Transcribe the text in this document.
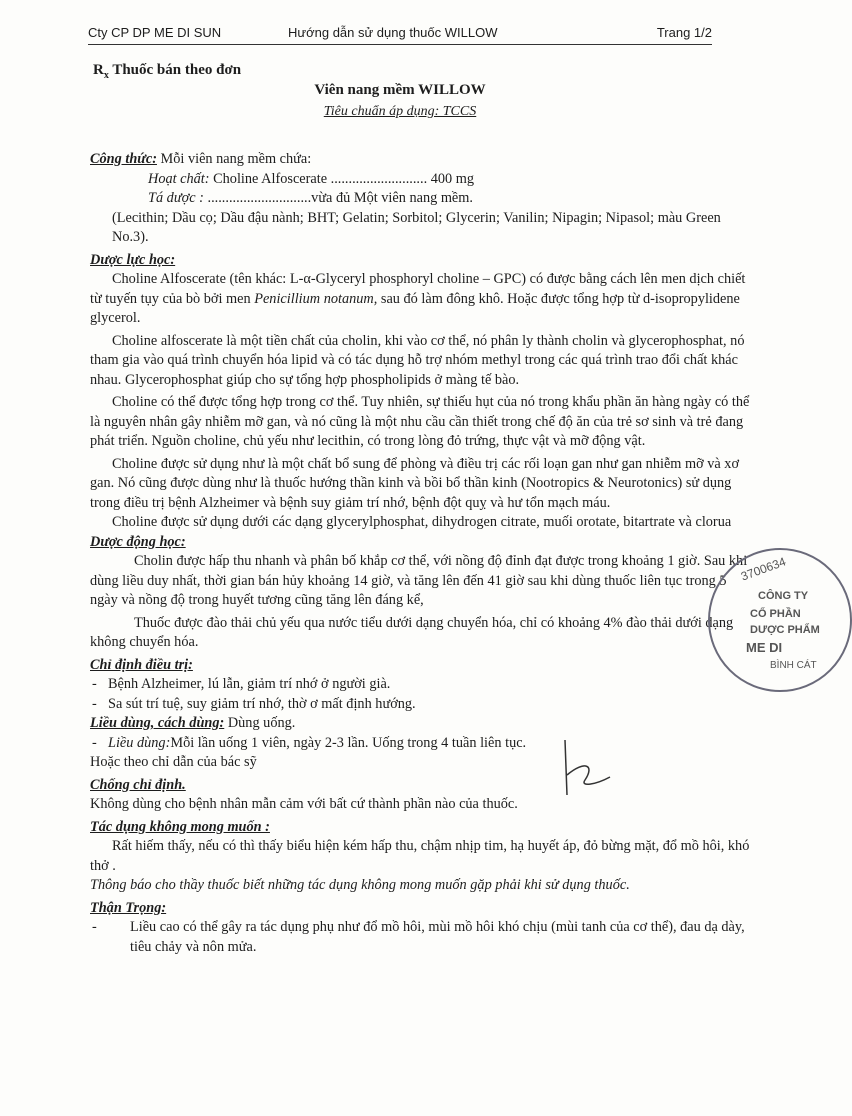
Cty CP DP ME DI SUN	Hướng dẫn sử dụng thuốc WILLOW	Trang 1/2
$R_x$ Thuốc bán theo đơn
Viên nang mềm WILLOW
Tiêu chuẩn áp dụng: TCCS

Công thức: Mỗi viên nang mềm chứa:

Hoạt chất: Choline Alfoscerate ........................... 400 mg

Tá dược : .............................vừa đủ Một viên nang mềm.

(Lecithin; Dầu cọ; Dầu đậu nành; BHT; Gelatin; Sorbitol; Glycerin; Vanilin; Nipagin; Nipasol; màu Green No.3).

Dược lực học:

Choline Alfoscerate (tên khác: L-α-Glyceryl phosphoryl choline – GPC) có được bằng cách lên men dịch chiết từ tuyến tụy của bò bởi men Penicillium notanum, sau đó làm đông khô. Hoặc được tổng hợp từ d-isopropylidene glycerol.

Choline alfoscerate là một tiền chất của cholin, khi vào cơ thể, nó phân ly thành cholin và glycerophosphat, nó tham gia vào quá trình chuyển hóa lipid và có tác dụng hỗ trợ nhóm methyl trong các quá trình trao đổi chất khác nhau. Glycerophosphat giúp cho sự tổng hợp phospholipids ở màng tế bào.

Choline có thể được tổng hợp trong cơ thể. Tuy nhiên, sự thiếu hụt của nó trong khẩu phần ăn hàng ngày có thể là nguyên nhân gây nhiễm mỡ gan, và nó cũng là một nhu cầu cần thiết trong chế độ ăn của trẻ sơ sinh và trẻ đang phát triển. Nguồn choline, chủ yếu như lecithin, có trong lòng đỏ trứng, thực vật và mỡ động vật.

Choline được sử dụng như là một chất bổ sung để phòng và điều trị các rối loạn gan như gan nhiễm mỡ và xơ gan. Nó cũng được dùng như là thuốc hướng thần kinh và bồi bổ thần kinh (Nootropics & Neurotonics) sử dụng trong điều trị bệnh Alzheimer và bệnh suy giảm trí nhớ, bệnh đột quỵ và hư tổn mạch máu.

Choline được sử dụng dưới các dạng glycerylphosphat, dihydrogen citrate, muối orotate, bitartrate và clorua

Dược động học:

Cholin được hấp thu nhanh và phân bố khắp cơ thể, với nồng độ đỉnh đạt được trong khoảng 1 giờ. Sau khi dùng liều duy nhất, thời gian bán hủy khoảng 14 giờ, và tăng lên đến 41 giờ sau khi dùng thuốc liên tục trong 5 ngày và nồng độ trong huyết tương cũng tăng lên đáng kể,

Thuốc được đào thải chủ yếu qua nước tiểu dưới dạng chuyển hóa, chỉ có khoảng 4% đào thải dưới dạng không chuyển hóa.

Chỉ định điều trị:

- Bệnh Alzheimer, lú lẫn, giảm trí nhớ ở người già.

- Sa sút trí tuệ, suy giảm trí nhớ, thờ ơ mất định hướng.

Liều dùng, cách dùng: Dùng uống.

- Liều dùng:Mỗi lần uống 1 viên, ngày 2-3 lần. Uống trong 4 tuần liên tục.

Hoặc theo chỉ dẫn của bác sỹ

Chống chỉ định.

Không dùng cho bệnh nhân mẫn cảm với bất cứ thành phần nào của thuốc.

Tác dụng không mong muốn :

Rất hiếm thấy, nếu có thì thấy biểu hiện kém hấp thu, chậm nhịp tim, hạ huyết áp, đỏ bừng mặt, đổ mồ hôi, khó thở .

Thông báo cho thầy thuốc biết những tác dụng không mong muốn gặp phải khi sử dụng thuốc.

Thận Trọng:

- Liều cao có thể gây ra tác dụng phụ như đổ mồ hôi, mùi mồ hôi khó chịu (mùi tanh của cơ thể), đau dạ dày, tiêu chảy và nôn mửa.

3700634
CÔNG TY
CỔ PHẦN
DƯỢC PHẨM
ME DI
BÌNH CÁT
